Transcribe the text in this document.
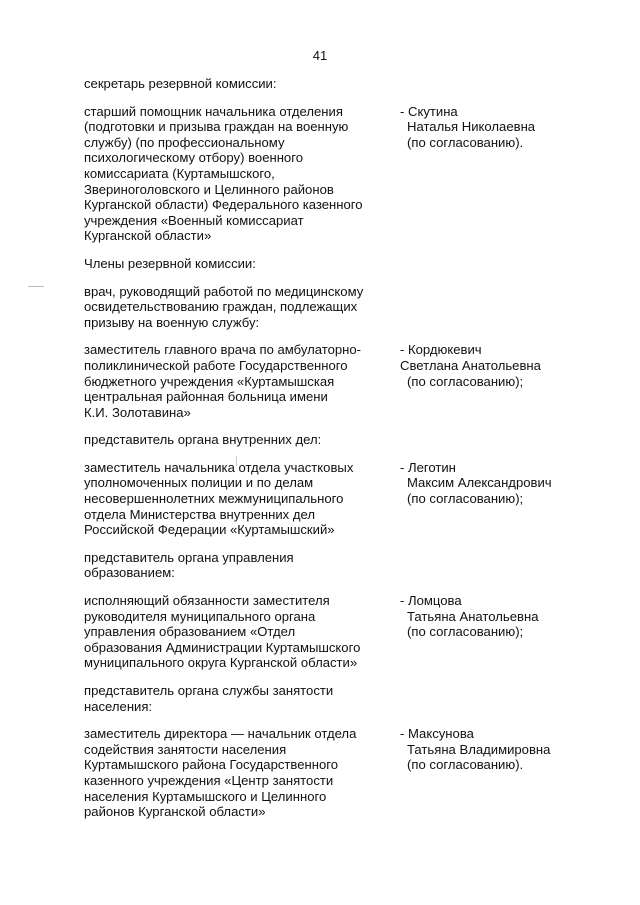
41
секретарь резервной комиссии:
старший помощник начальника отделения
(подготовки и призыва граждан на военную
службу) (по профессиональному
психологическому отбору) военного
комиссариата (Куртамышского,
Звериноголовского и Целинного районов
Курганской области) Федерального казенного
учреждения «Военный комиссариат
Курганской области»
- Скутина
Наталья Николаевна
(по согласованию).
Члены резервной комиссии:
врач, руководящий работой по медицинскому
освидетельствованию граждан, подлежащих
призыву на военную службу:
заместитель главного врача по амбулаторно-
поликлинической работе Государственного
бюджетного учреждения «Куртамышская
центральная районная больница имени
К.И. Золотавина»
- Кордюкевич
Светлана Анатольевна
(по согласованию);
представитель органа внутренних дел:
заместитель начальника отдела участковых
уполномоченных полиции и по делам
несовершеннолетних межмуниципального
отдела Министерства внутренних дел
Российской Федерации «Куртамышский»
- Леготин
Максим Александрович
(по согласованию);
представитель органа управления
образованием:
исполняющий обязанности заместителя
руководителя муниципального органа
управления образованием «Отдел
образования Администрации Куртамышского
муниципального округа Курганской области»
- Ломцова
Татьяна Анатольевна
(по согласованию);
представитель органа службы занятости
населения:
заместитель директора — начальник отдела
содействия занятости населения
Куртамышского района Государственного
казенного учреждения «Центр занятости
населения Куртамышского и Целинного
районов Курганской области»
- Максунова
Татьяна Владимировна
(по согласованию).
